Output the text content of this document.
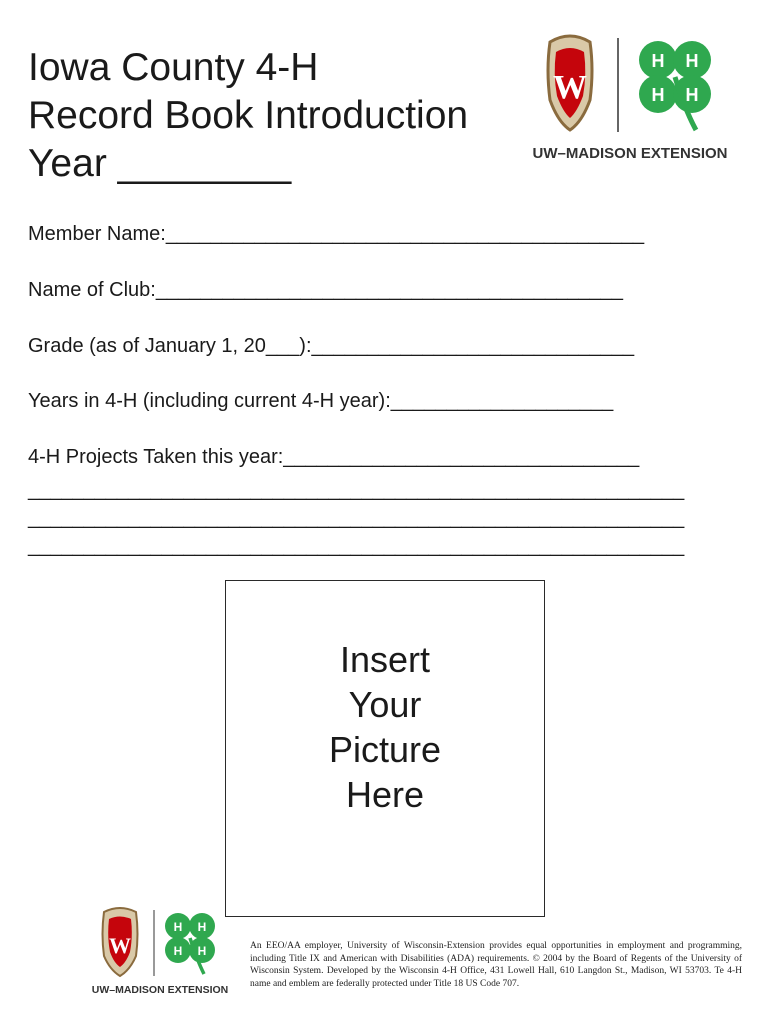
Iowa County 4-H
Record Book Introduction
Year ________
W
H H
H H
UW–MADISON EXTENSION
Member Name:___________________________________________
Name of Club:__________________________________________
Grade (as of January 1, 20___):_____________________________
Years in 4-H (including current 4-H year):____________________
4-H Projects Taken this year:________________________________
___________________________________________________________
___________________________________________________________
___________________________________________________________
Insert
Your
Picture
Here
W
H H
H H
UW–MADISON EXTENSION
An EEO/AA employer, University of Wisconsin-Extension provides equal opportunities in employment and programming, including Title IX and American with Disabilities (ADA) requirements. © 2004 by the Board of Regents of the University of Wisconsin System. Developed by the Wisconsin 4-H Office, 431 Lowell Hall, 610 Langdon St., Madison, WI 53703. Te 4-H name and emblem are federally protected under Title 18 US Code 707.
